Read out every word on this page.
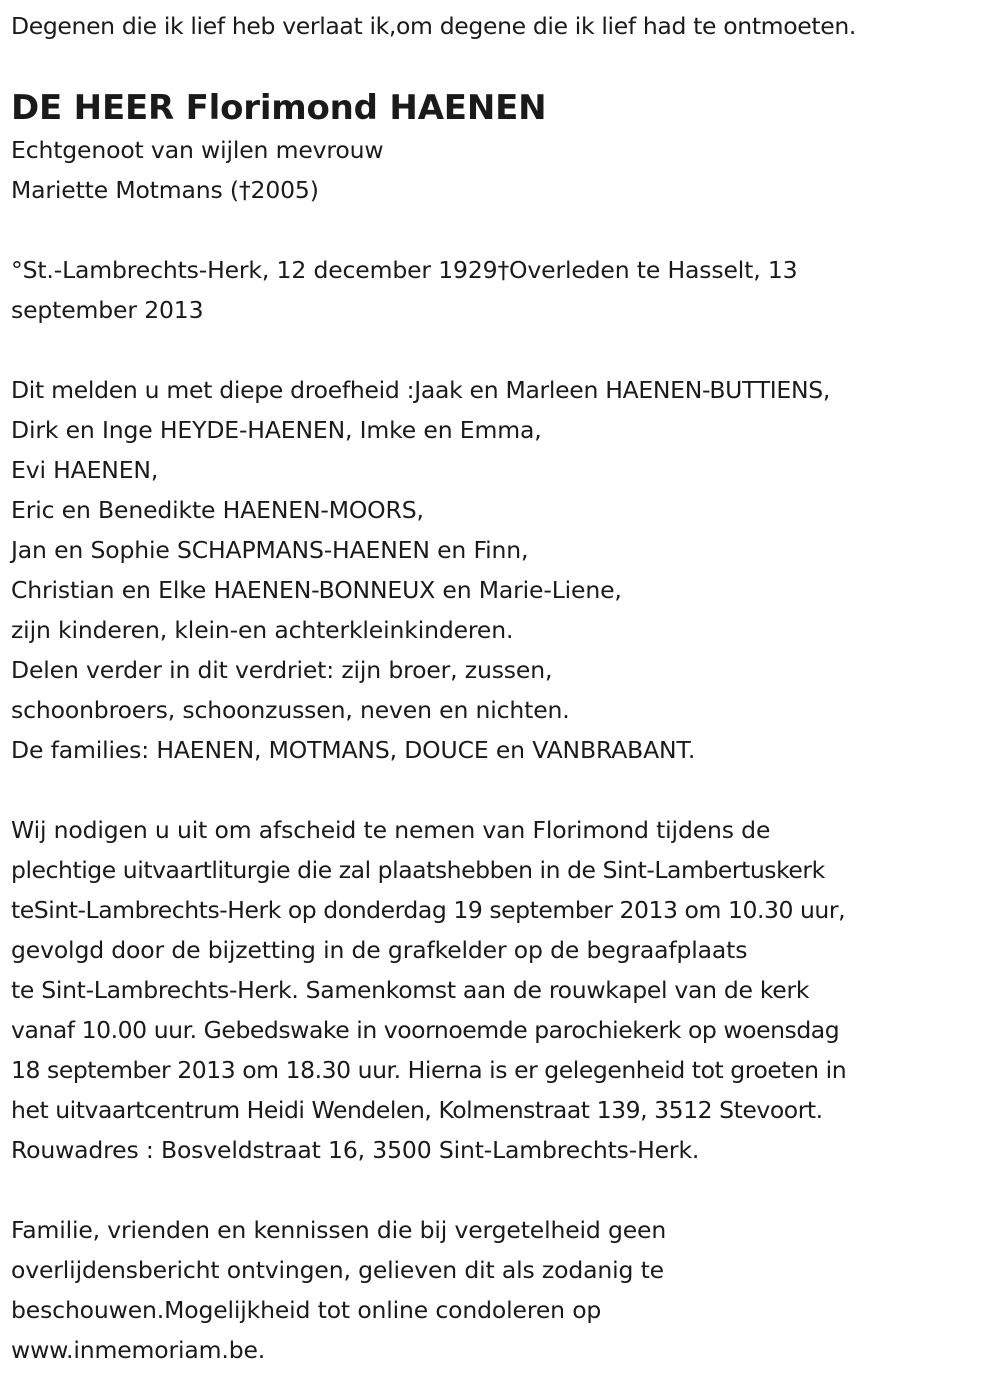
Degenen die ik lief heb verlaat ik,om degene die ik lief had te ontmoeten.
DE HEER Florimond HAENEN
Echtgenoot van wijlen mevrouw
Mariette Motmans (†2005)
°St.-Lambrechts-Herk, 12 december 1929†Overleden te Hasselt, 13
september 2013
Dit melden u met diepe droefheid :Jaak en Marleen HAENEN-BUTTIENS,
Dirk en Inge HEYDE-HAENEN, Imke en Emma,
Evi HAENEN,
Eric en Benedikte HAENEN-MOORS,
Jan en Sophie SCHAPMANS-HAENEN en Finn,
Christian en Elke HAENEN-BONNEUX en Marie-Liene,
zijn kinderen, klein-en achterkleinkinderen.
Delen verder in dit verdriet: zijn broer, zussen,
schoonbroers, schoonzussen, neven en nichten.
De families: HAENEN, MOTMANS, DOUCE en VANBRABANT.
Wij nodigen u uit om afscheid te nemen van Florimond tijdens de
plechtige uitvaartliturgie die zal plaatshebben in de Sint-Lambertuskerk
teSint-Lambrechts-Herk op donderdag 19 september 2013 om 10.30 uur,
gevolgd door de bijzetting in de grafkelder op de begraafplaats
te Sint-Lambrechts-Herk. Samenkomst aan de rouwkapel van de kerk
vanaf 10.00 uur. Gebedswake in voornoemde parochiekerk op woensdag
18 september 2013 om 18.30 uur. Hierna is er gelegenheid tot groeten in
het uitvaartcentrum Heidi Wendelen, Kolmenstraat 139, 3512 Stevoort.
Rouwadres : Bosveldstraat 16, 3500 Sint-Lambrechts-Herk.
Familie, vrienden en kennissen die bij vergetelheid geen
overlijdensbericht ontvingen, gelieven dit als zodanig te
beschouwen.Mogelijkheid tot online condoleren op
www.inmemoriam.be.
